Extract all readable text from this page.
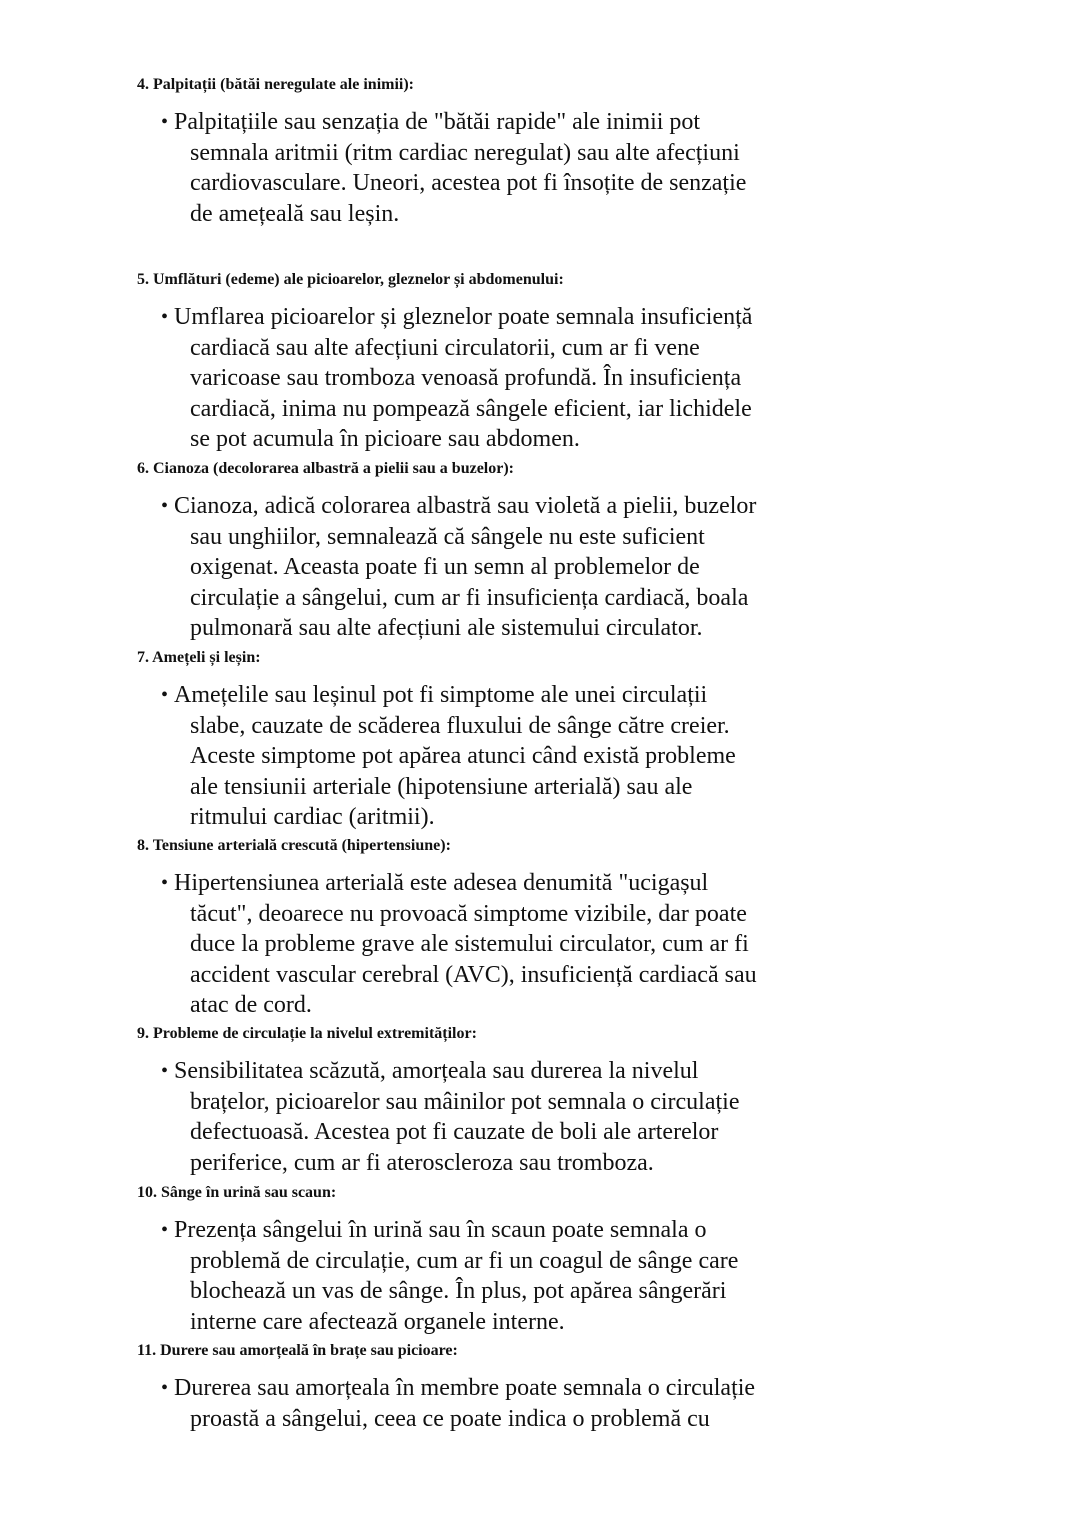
4. Palpitații (bătăi neregulate ale inimii):
• Palpitațiile sau senzația de "bătăi rapide" ale inimii pot
semnala aritmii (ritm cardiac neregulat) sau alte afecțiuni
cardiovasculare. Uneori, acestea pot fi însoțite de senzație
de amețeală sau leșin.
5. Umflături (edeme) ale picioarelor, gleznelor și abdomenului:
• Umflarea picioarelor și gleznelor poate semnala insuficiență
cardiacă sau alte afecțiuni circulatorii, cum ar fi vene
varicoase sau tromboza venoasă profundă. În insuficiența
cardiacă, inima nu pompează sângele eficient, iar lichidele
se pot acumula în picioare sau abdomen.
6. Cianoza (decolorarea albastră a pielii sau a buzelor):
• Cianoza, adică colorarea albastră sau violetă a pielii, buzelor
sau unghiilor, semnalează că sângele nu este suficient
oxigenat. Aceasta poate fi un semn al problemelor de
circulație a sângelui, cum ar fi insuficiența cardiacă, boala
pulmonară sau alte afecțiuni ale sistemului circulator.
7. Amețeli și leșin:
• Amețelile sau leșinul pot fi simptome ale unei circulații
slabe, cauzate de scăderea fluxului de sânge către creier.
Aceste simptome pot apărea atunci când există probleme
ale tensiunii arteriale (hipotensiune arterială) sau ale
ritmului cardiac (aritmii).
8. Tensiune arterială crescută (hipertensiune):
• Hipertensiunea arterială este adesea denumită "ucigașul
tăcut", deoarece nu provoacă simptome vizibile, dar poate
duce la probleme grave ale sistemului circulator, cum ar fi
accident vascular cerebral (AVC), insuficiență cardiacă sau
atac de cord.
9. Probleme de circulație la nivelul extremităților:
• Sensibilitatea scăzută, amorțeala sau durerea la nivelul
brațelor, picioarelor sau mâinilor pot semnala o circulație
defectuoasă. Acestea pot fi cauzate de boli ale arterelor
periferice, cum ar fi ateroscleroza sau tromboza.
10. Sânge în urină sau scaun:
• Prezența sângelui în urină sau în scaun poate semnala o
problemă de circulație, cum ar fi un coagul de sânge care
blochează un vas de sânge. În plus, pot apărea sângerări
interne care afectează organele interne.
11. Durere sau amorțeală în brațe sau picioare:
• Durerea sau amorțeala în membre poate semnala o circulație
proastă a sângelui, ceea ce poate indica o problemă cu
